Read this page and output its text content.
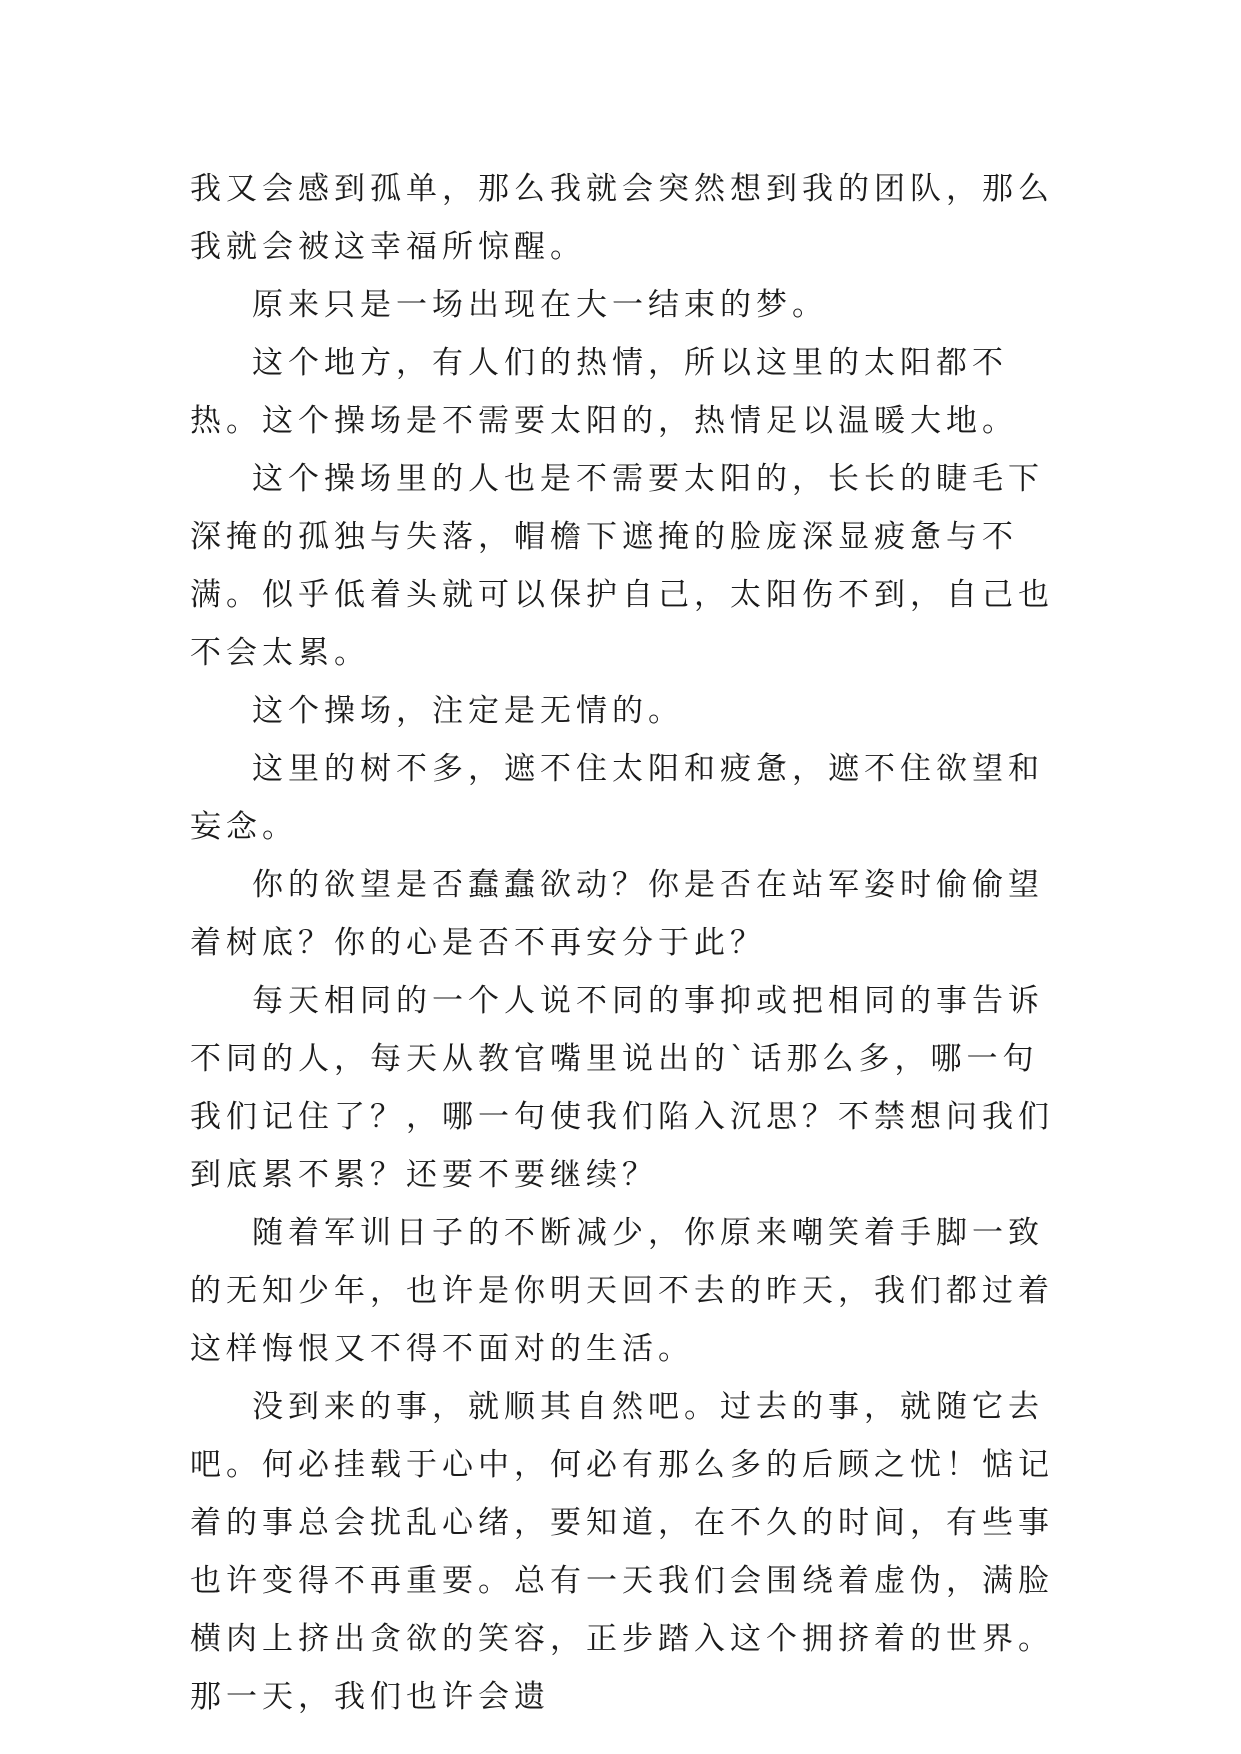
我又会感到孤单，那么我就会突然想到我的团队，那么我就会被这幸福所惊醒。

原来只是一场出现在大一结束的梦。

这个地方，有人们的热情，所以这里的太阳都不热。这个操场是不需要太阳的，热情足以温暖大地。

这个操场里的人也是不需要太阳的，长长的睫毛下深掩的孤独与失落，帽檐下遮掩的脸庞深显疲惫与不满。似乎低着头就可以保护自己，太阳伤不到，自己也不会太累。

这个操场，注定是无情的。

这里的树不多，遮不住太阳和疲惫，遮不住欲望和妄念。

你的欲望是否蠢蠢欲动？你是否在站军姿时偷偷望着树底？你的心是否不再安分于此？

每天相同的一个人说不同的事抑或把相同的事告诉不同的人，每天从教官嘴里说出的`话那么多，哪一句我们记住了？，哪一句使我们陷入沉思？不禁想问我们到底累不累？还要不要继续？

随着军训日子的不断减少，你原来嘲笑着手脚一致的无知少年，也许是你明天回不去的昨天，我们都过着这样悔恨又不得不面对的生活。

没到来的事，就顺其自然吧。过去的事，就随它去吧。何必挂载于心中，何必有那么多的后顾之忧！惦记着的事总会扰乱心绪，要知道，在不久的时间，有些事也许变得不再重要。总有一天我们会围绕着虚伪，满脸横肉上挤出贪欲的笑容，正步踏入这个拥挤着的世界。那一天，我们也许会遗
